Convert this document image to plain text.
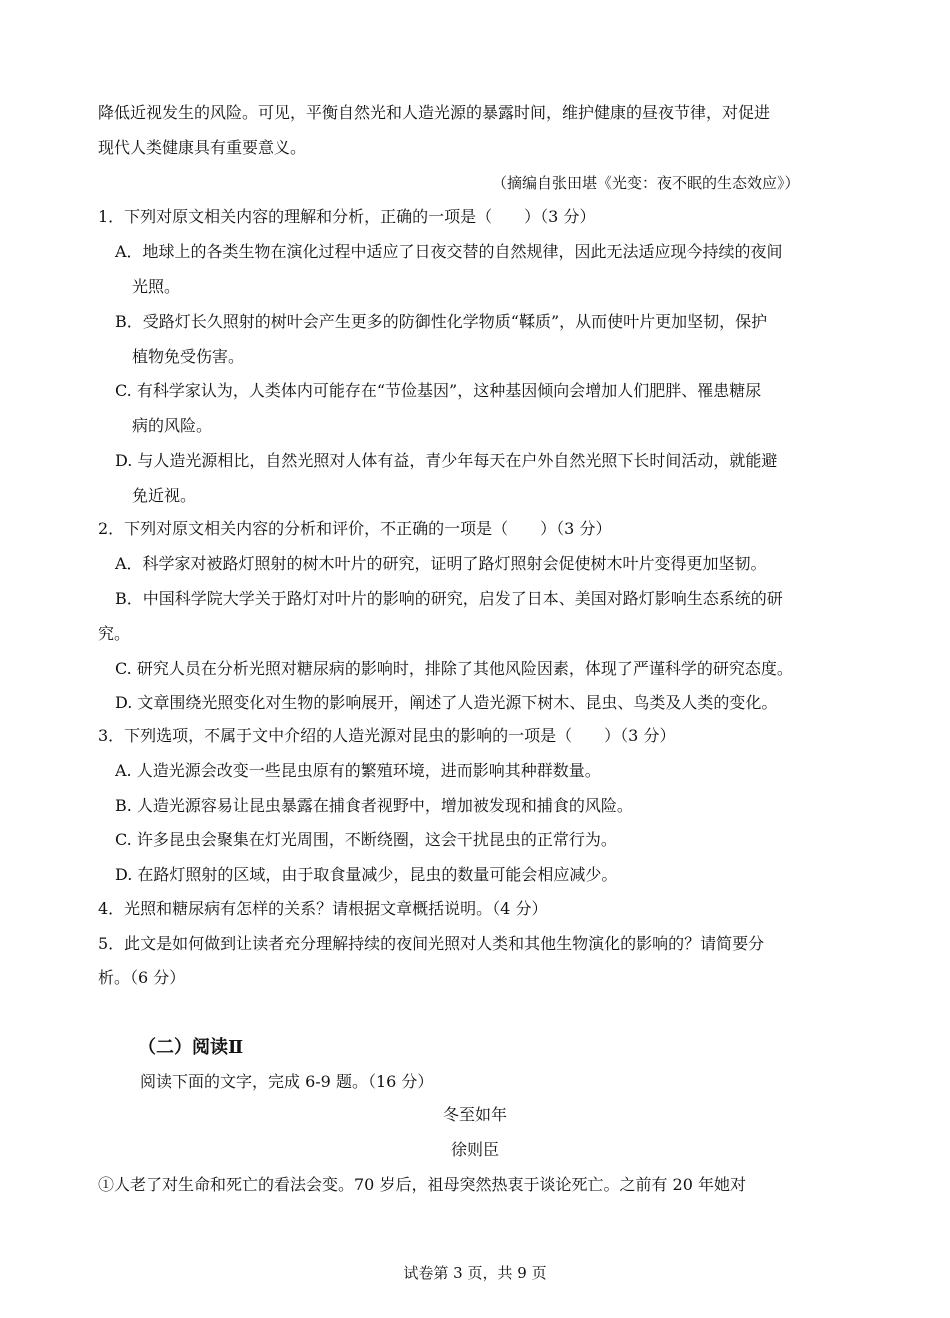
降低近视发生的风险。可见，平衡自然光和人造光源的暴露时间，维护健康的昼夜节律，对促进
现代人类健康具有重要意义。
（摘编自张田堪《光变：夜不眠的生态效应》）
1．下列对原文相关内容的理解和分析，正确的一项是（　　）（3 分）
A．地球上的各类生物在演化过程中适应了日夜交替的自然规律，因此无法适应现今持续的夜间
光照。
B．受路灯长久照射的树叶会产生更多的防御性化学物质“鞣质”，从而使叶片更加坚韧，保护
植物免受伤害。
C. 有科学家认为，人类体内可能存在“节俭基因”，这种基因倾向会增加人们肥胖、罹患糖尿
病的风险。
D. 与人造光源相比，自然光照对人体有益，青少年每天在户外自然光照下长时间活动，就能避
免近视。
2．下列对原文相关内容的分析和评价，不正确的一项是（　　）（3 分）
A．科学家对被路灯照射的树木叶片的研究，证明了路灯照射会促使树木叶片变得更加坚韧。
B．中国科学院大学关于路灯对叶片的影响的研究，启发了日本、美国对路灯影响生态系统的研
究。
C. 研究人员在分析光照对糖尿病的影响时，排除了其他风险因素，体现了严谨科学的研究态度。
D. 文章围绕光照变化对生物的影响展开，阐述了人造光源下树木、昆虫、鸟类及人类的变化。
3．下列选项，不属于文中介绍的人造光源对昆虫的影响的一项是（　　）（3 分）
A. 人造光源会改变一些昆虫原有的繁殖环境，进而影响其种群数量。
B. 人造光源容易让昆虫暴露在捕食者视野中，增加被发现和捕食的风险。
C. 许多昆虫会聚集在灯光周围，不断绕圈，这会干扰昆虫的正常行为。
D. 在路灯照射的区域，由于取食量减少，昆虫的数量可能会相应减少。
4．光照和糖尿病有怎样的关系？请根据文章概括说明。（4 分）
5．此文是如何做到让读者充分理解持续的夜间光照对人类和其他生物演化的影响的？请简要分
析。（6 分）
（二）阅读Ⅱ
阅读下面的文字，完成 6-9 题。（16 分）
冬至如年
徐则臣
①人老了对生命和死亡的看法会变。70 岁后，祖母突然热衷于谈论死亡。之前有 20 年她对
试卷第 3 页，共 9 页
